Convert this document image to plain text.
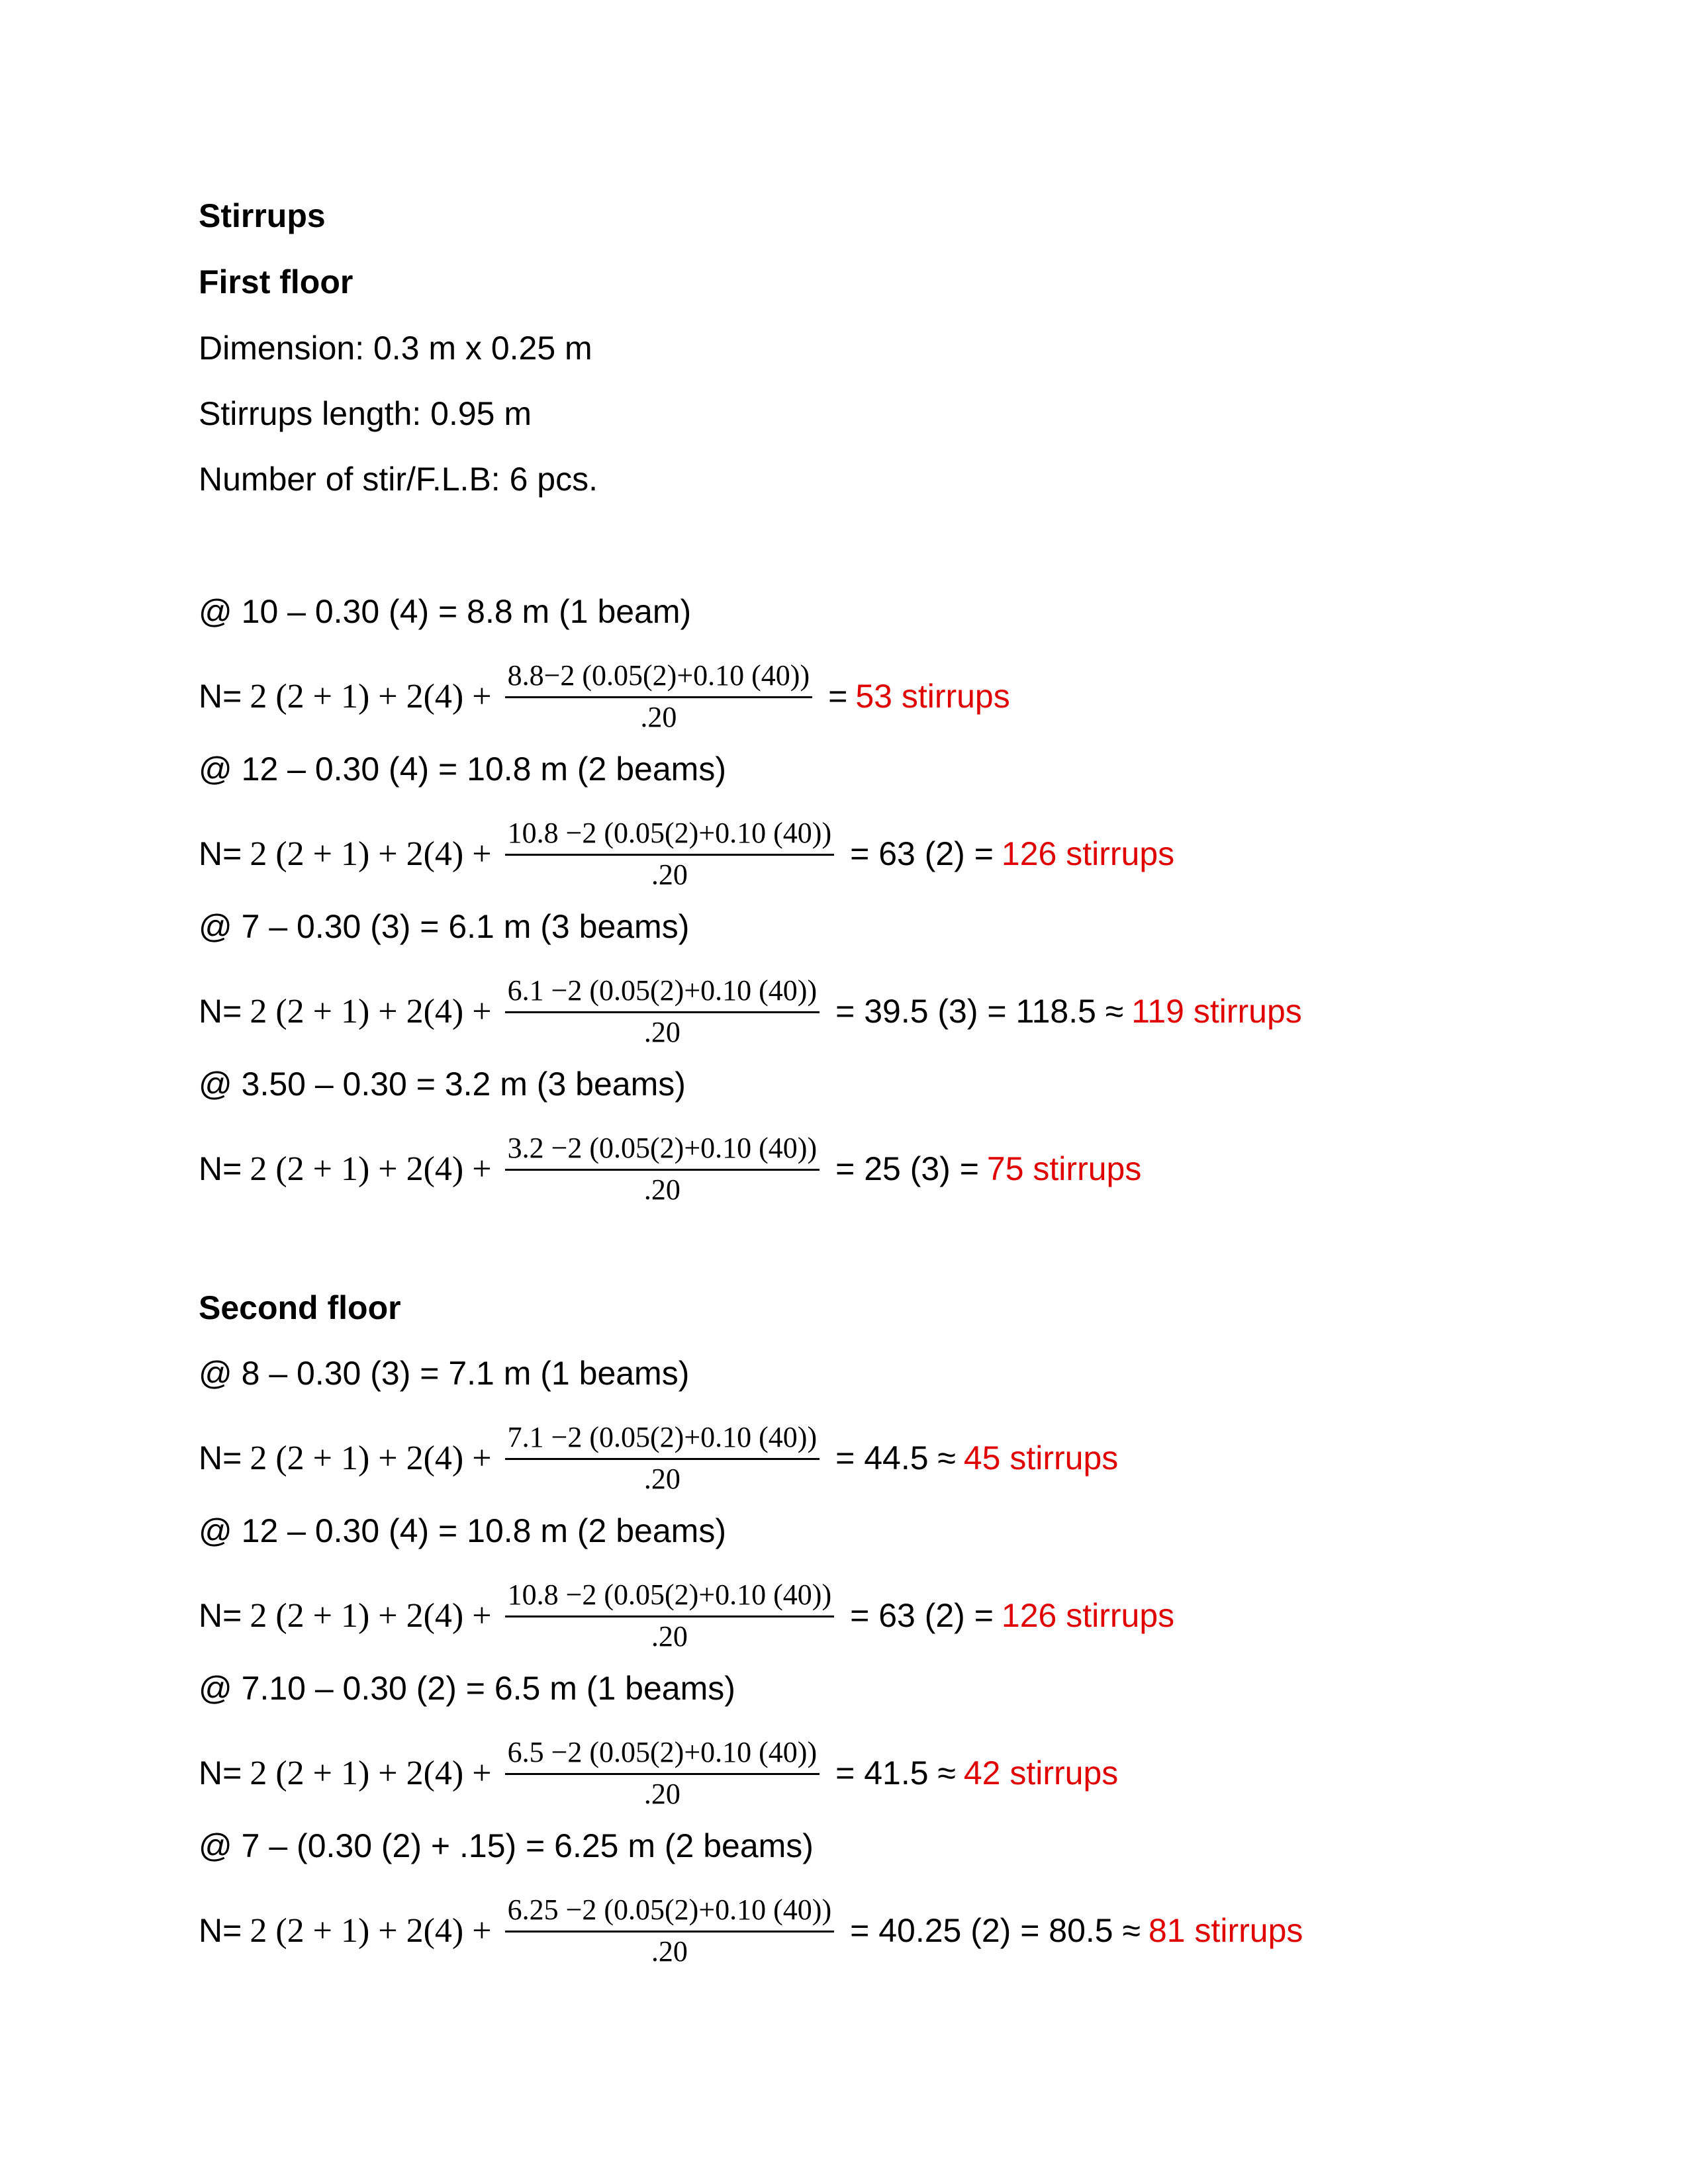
Stirrups
First floor
Dimension: 0.3 m x 0.25 m
Stirrups length: 0.95 m
Number of stir/F.L.B: 6 pcs.
@ 10 – 0.30 (4) = 8.8 m (1 beam)
N= 2 $(2 + 1) + 2(4) + \frac{8.8-2 (0.05(2)+0.10 (40))}{.20} = 53$ stirrups
@ 12 – 0.30 (4) = 10.8 m (2 beams)
N= 2 $(2 + 1) + 2(4) + \frac{10.8 -2 (0.05(2)+0.10 (40))}{.20} = 63$ (2) = 126 stirrups
@ 7 – 0.30 (3) = 6.1 m (3 beams)
N= 2 $(2 + 1) + 2(4) + \frac{6.1 -2 (0.05(2)+0.10 (40))}{.20} = 39.5$ (3) = 118.5 ≈ 119 stirrups
@ 3.50 – 0.30 = 3.2 m (3 beams)
N= 2 $(2 + 1) + 2(4) + \frac{3.2 -2 (0.05(2)+0.10 (40))}{.20} = 25$ (3) = 75 stirrups
Second floor
@ 8 – 0.30 (3) = 7.1 m (1 beams)
N= 2 $(2 + 1) + 2(4) + \frac{7.1 -2 (0.05(2)+0.10 (40))}{.20} = 44.5 \approx 45$ stirrups
@ 12 – 0.30 (4) = 10.8 m (2 beams)
N= 2 $(2 + 1) + 2(4) + \frac{10.8 -2 (0.05(2)+0.10 (40))}{.20} = 63$ (2) = 126 stirrups
@ 7.10 – 0.30 (2) = 6.5 m (1 beams)
N= 2 $(2 + 1) + 2(4) + \frac{6.5 -2 (0.05(2)+0.10 (40))}{.20} = 41.5 \approx 42$ stirrups
@ 7 – (0.30 (2) + .15) = 6.25 m (2 beams)
N= 2 $(2 + 1) + 2(4) + \frac{6.25 -2 (0.05(2)+0.10 (40))}{.20} = 40.25$ (2) = 80.5 ≈ 81 stirrups
